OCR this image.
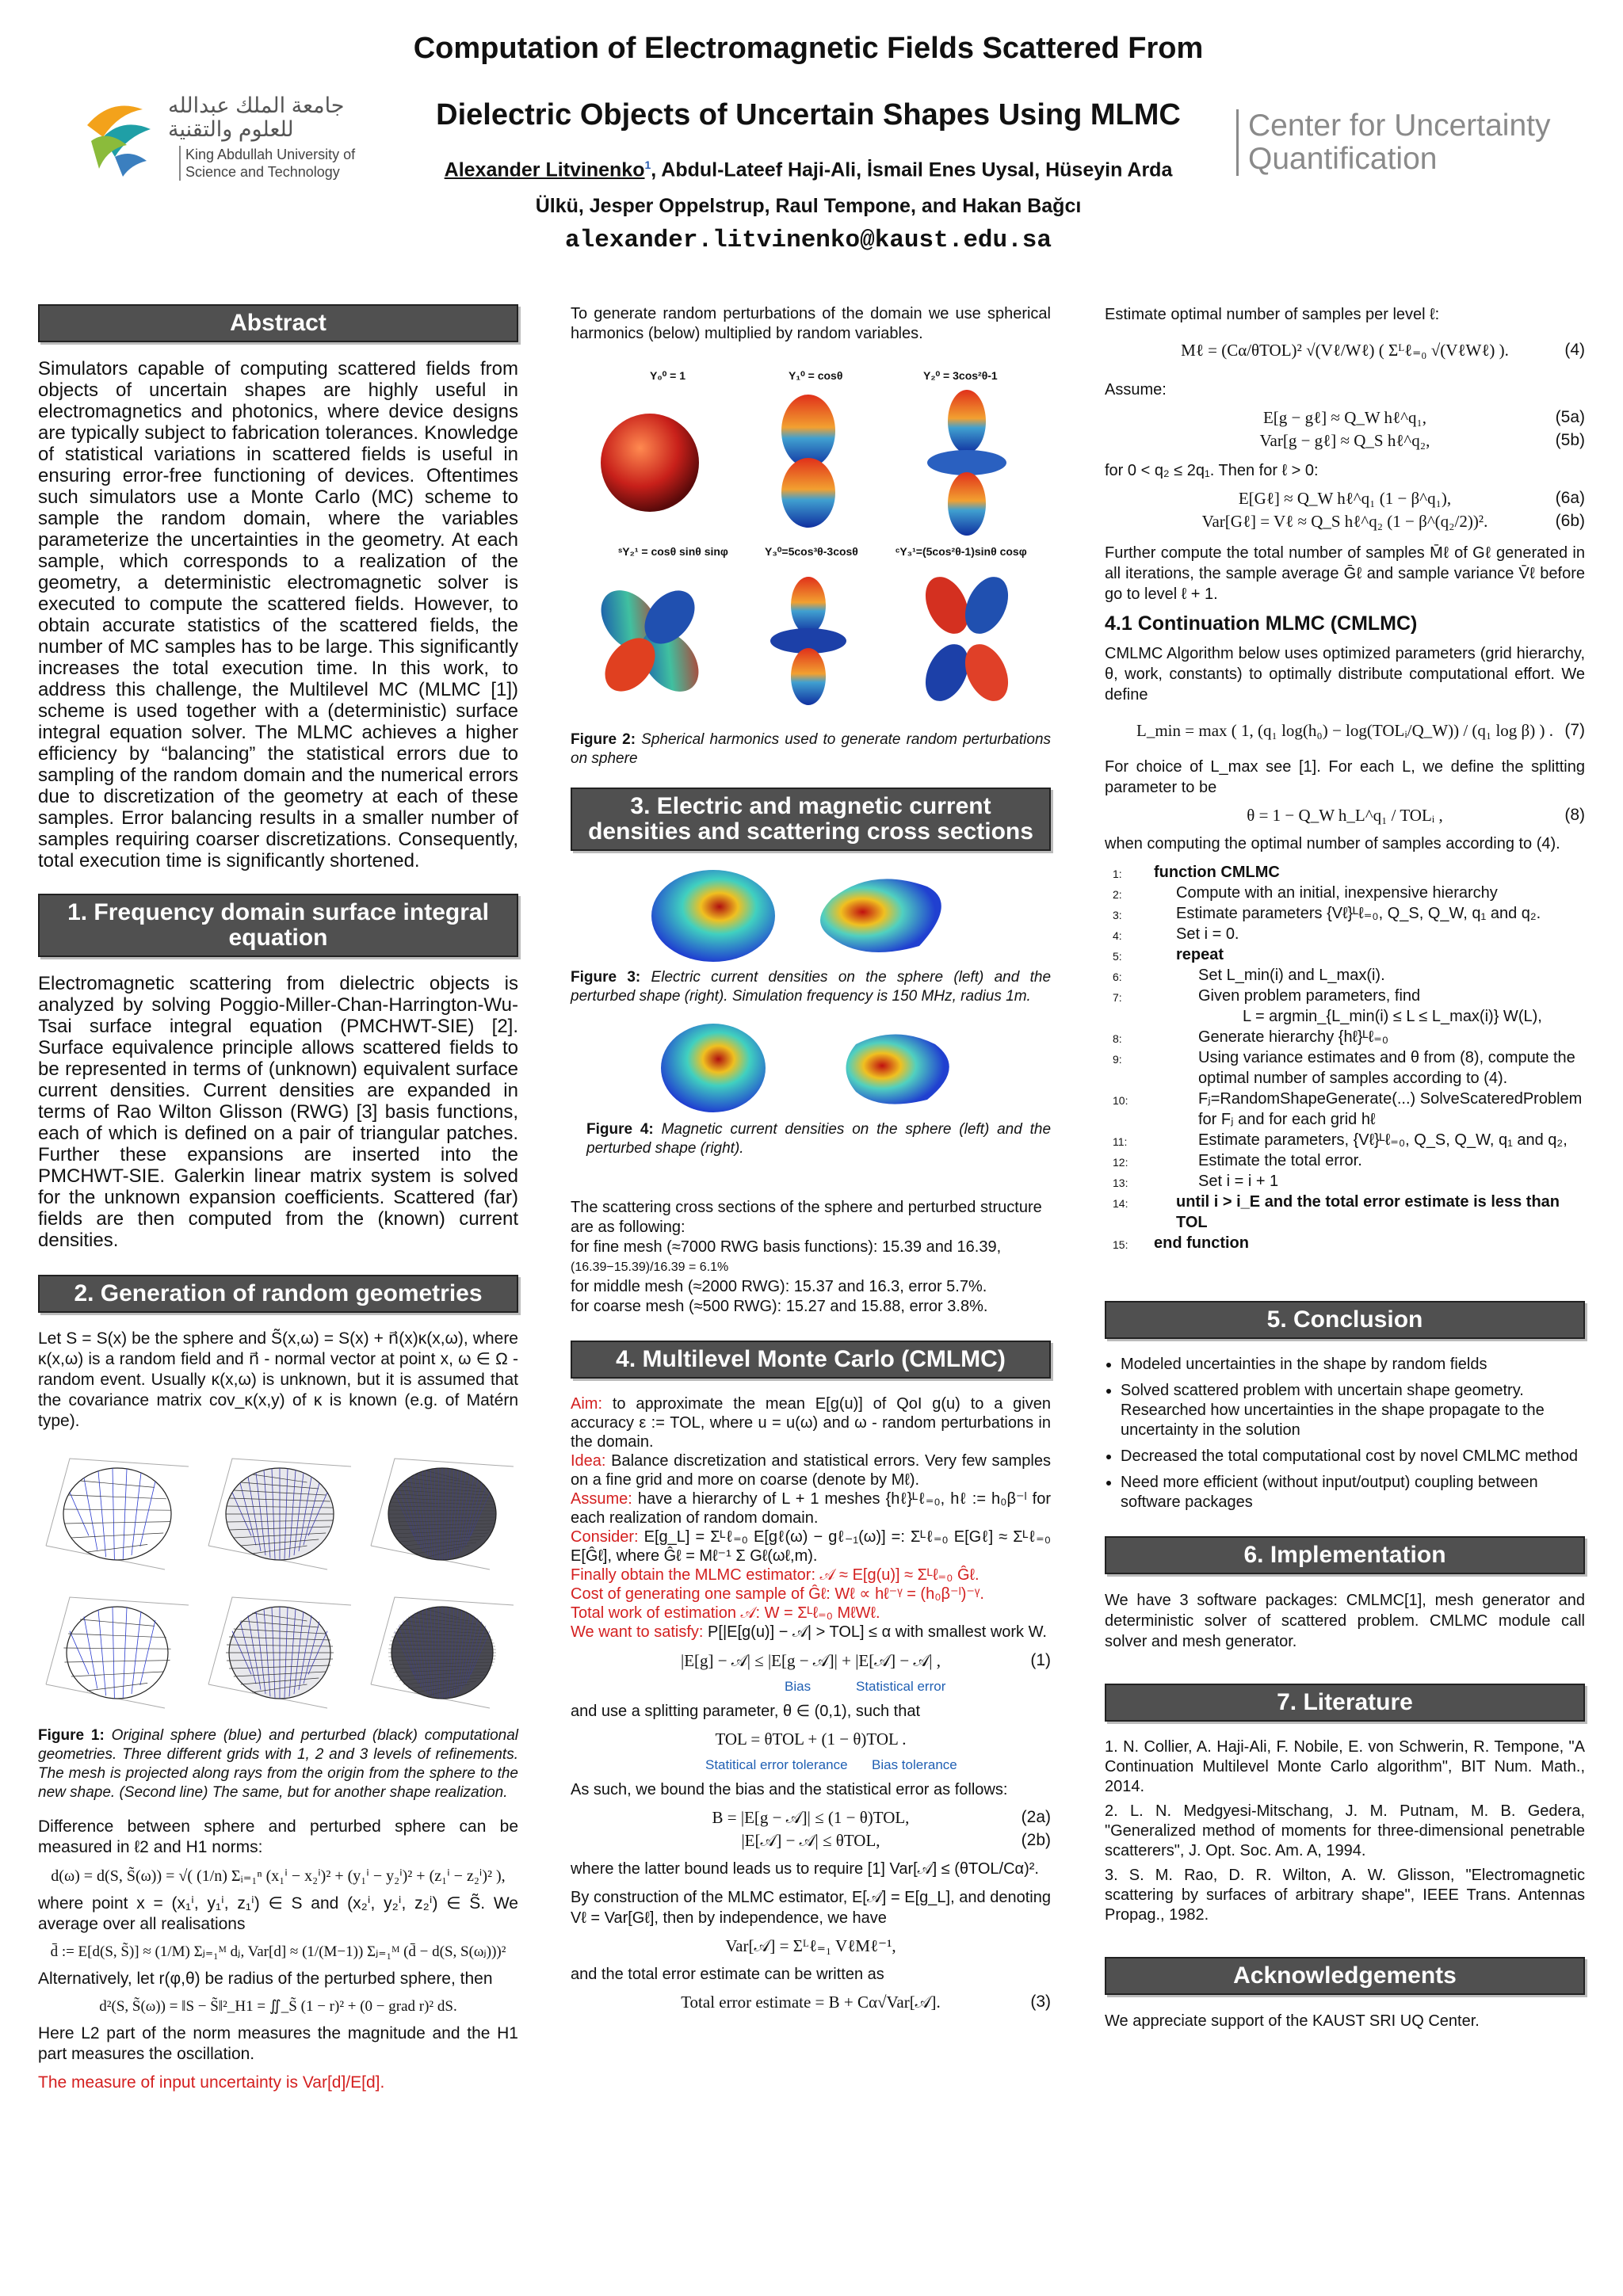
جامعة الملك عبدالله للعلوم والتقنية
King Abdullah University of
Science and Technology
Computation of Electromagnetic Fields Scattered From
Dielectric Objects of Uncertain Shapes Using MLMC
Alexander Litvinenko$^1$, Abdul-Lateef Haji-Ali, İsmail Enes Uysal, Hüseyin Arda
Ülkü, Jesper Oppelstrup, Raul Tempone, and Hakan Bağcı
alexander.litvinenko@kaust.edu.sa
Center for Uncertainty
Quantification
Abstract

Simulators capable of computing scattered fields from objects of uncertain shapes are highly useful in electromagnetics and photonics, where device designs are typically subject to fabrication tolerances. Knowledge of statistical variations in scattered fields is useful in ensuring error-free functioning of devices. Oftentimes such simulators use a Monte Carlo (MC) scheme to sample the random domain, where the variables parameterize the uncertainties in the geometry. At each sample, which corresponds to a realization of the geometry, a deterministic electromagnetic solver is executed to compute the scattered fields. However, to obtain accurate statistics of the scattered fields, the number of MC samples has to be large. This significantly increases the total execution time. In this work, to address this challenge, the Multilevel MC (MLMC [1]) scheme is used together with a (deterministic) surface integral equation solver. The MLMC achieves a higher efficiency by “balancing” the statistical errors due to sampling of the random domain and the numerical errors due to discretization of the geometry at each of these samples. Error balancing results in a smaller number of samples requiring coarser discretizations. Consequently, total execution time is significantly shortened.

1. Frequency domain surface integral equation

Electromagnetic scattering from dielectric objects is analyzed by solving Poggio-Miller-Chan-Harrington-Wu-Tsai surface integral equation (PMCHWT-SIE) [2]. Surface equivalence principle allows scattered fields to be represented in terms of (unknown) equivalent surface current densities. Current densities are expanded in terms of Rao Wilton Glisson (RWG) [3] basis functions, each of which is defined on a pair of triangular patches. Further these expansions are inserted into the PMCHWT-SIE. Galerkin linear matrix system is solved for the unknown expansion coefficients. Scattered (far) fields are then computed from the (known) current densities.

2. Generation of random geometries

Let S = S(x) be the sphere and S̃(x,ω) = S(x) + n⃗(x)κ(x,ω), where κ(x,ω) is a random field and n⃗ - normal vector at point x, ω ∈ Ω - random event. Usually κ(x,ω) is unknown, but it is assumed that the covariance matrix cov_κ(x,y) of κ is known (e.g. of Matérn type).

Figure 1: Original sphere (blue) and perturbed (black) computational geometries. Three different grids with 1, 2 and 3 levels of refinements. The mesh is projected along rays from the origin from the sphere to the new shape. (Second line) The same, but for another shape realization.

Difference between sphere and perturbed sphere can be measured in ℓ2 and H1 norms:

d(ω) = d(S, S̃(ω)) = √( (1/n) Σᵢ₌₁ⁿ (x₁ⁱ − x₂ⁱ)² + (y₁ⁱ − y₂ⁱ)² + (z₁ⁱ − z₂ⁱ)² ),

where point x = (x₁ⁱ, y₁ⁱ, z₁ⁱ) ∈ S and (x₂ⁱ, y₂ⁱ, z₂ⁱ) ∈ S̃. We average over all realisations

d̄ := E[d(S, S̃)] ≈ (1/M) Σⱼ₌₁ᴹ dⱼ, Var[d] ≈ (1/(M−1)) Σⱼ₌₁ᴹ (d̄ − d(S, S(ωⱼ)))²

Alternatively, let r(φ,θ) be radius of the perturbed sphere, then

d²(S, S̃(ω)) = ‖S − S̃‖²_H1 = ∬_S̃ (1 − r)² + (0 − grad r)² dS.

Here L2 part of the norm measures the magnitude and the H1 part measures the oscillation.

The measure of input uncertainty is Var[d]/E[d].

To generate random perturbations of the domain we use spherical harmonics (below) multiplied by random variables.

Y₀⁰ = 1	Y₁⁰ = cosθ	Y₂⁰ = 3cos²θ-1
ˢY₂¹ = cosθ sinθ sinφ	Y₃⁰=5cos³θ-3cosθ	ᶜY₃¹=(5cos²θ-1)sinθ cosφ
Figure 2: Spherical harmonics used to generate random perturbations on sphere
3. Electric and magnetic current densities and scattering cross sections
Figure 3: Electric current densities on the sphere (left) and the perturbed shape (right). Simulation frequency is 150 MHz, radius 1m.
Figure 4: Magnetic current densities on the sphere (left) and the perturbed shape (right).
The scattering cross sections of the sphere and perturbed structure are as following:
for fine mesh (≈7000 RWG basis functions): 15.39 and 16.39,
(16.39−15.39)/16.39 = 6.1%
for middle mesh (≈2000 RWG): 15.37 and 16.3, error 5.7%.
for coarse mesh (≈500 RWG): 15.27 and 15.88, error 3.8%.
4. Multilevel Monte Carlo (CMLMC)
Aim: to approximate the mean E[g(u)] of QoI g(u) to a given accuracy ε := TOL, where u = u(ω) and ω - random perturbations in the domain.
Idea: Balance discretization and statistical errors. Very few samples on a fine grid and more on coarse (denote by Mℓ).
Assume: have a hierarchy of L + 1 meshes {hℓ}ᴸℓ₌₀, hℓ := h₀β⁻ˡ for each realization of random domain.
Consider: E[g_L] = Σᴸℓ₌₀ E[gℓ(ω) − gℓ₋₁(ω)] =: Σᴸℓ₌₀ E[Gℓ] ≈ Σᴸℓ₌₀ E[Ĝℓ], where Ĝℓ = Mℓ⁻¹ Σ Gℓ(ωℓ,m).
Finally obtain the MLMC estimator: 𝒜 ≈ E[g(u)] ≈ Σᴸℓ₌₀ Ĝℓ.
Cost of generating one sample of Ĝℓ: Wℓ ∝ hℓ⁻ᵞ = (h₀β⁻ˡ)⁻ᵞ.
Total work of estimation 𝒜: W = Σᴸℓ₌₀ MℓWℓ.
We want to satisfy: P[|E[g(u)] − 𝒜| > TOL] ≤ α with smallest work W.
|E[g] − 𝒜| ≤ |E[g − 𝒜]| + |E[𝒜] − 𝒜| ,	(1)
Bias	Statistical error

and use a splitting parameter, θ ∈ (0,1), such that

TOL = θTOL + (1 − θ)TOL .
Statitical error tolerance Bias tolerance

As such, we bound the bias and the statistical error as follows:

B = |E[g − 𝒜]| ≤ (1 − θ)TOL,	(2a)
|E[𝒜] − 𝒜| ≤ θTOL,	(2b)

where the latter bound leads us to require [1] Var[𝒜] ≤ (θTOL/Cα)².

By construction of the MLMC estimator, E[𝒜] = E[g_L], and denoting Vℓ = Var[Gℓ], then by independence, we have

Var[𝒜] = Σᴸℓ₌₁ VℓMℓ⁻¹,

and the total error estimate can be written as

Total error estimate = B + Cα√Var[𝒜].	(3)

Estimate optimal number of samples per level ℓ:

Mℓ = (Cα/θTOL)² √(Vℓ/Wℓ) ( Σᴸℓ₌₀ √(VℓWℓ) ).	(4)

Assume:

E[g − gℓ] ≈ Q_W hℓ^q₁,	(5a)
Var[g − gℓ] ≈ Q_S hℓ^q₂,	(5b)

for 0 < q₂ ≤ 2q₁. Then for ℓ > 0:

E[Gℓ] ≈ Q_W hℓ^q₁ (1 − β^q₁),	(6a)
Var[Gℓ] = Vℓ ≈ Q_S hℓ^q₂ (1 − β^(q₂/2))².	(6b)

Further compute the total number of samples M̄ℓ of Gℓ generated in all iterations, the sample average Ḡℓ and sample variance V̄ℓ before go to level ℓ + 1.

4.1 Continuation MLMC (CMLMC)

CMLMC Algorithm below uses optimized parameters (grid hierarchy, θ, work, constants) to optimally distribute computational effort. We define

L_min = max ( 1, (q₁ log(h₀) − log(TOLᵢ/Q_W)) / (q₁ log β) ) . (7)

For choice of L_max see [1]. For each L, we define the splitting parameter to be

θ = 1 − Q_W h_L^q₁ / TOLᵢ ,	(8)

when computing the optimal number of samples according to (4).

1: function CMLMC
2:	Compute with an initial, inexpensive hierarchy
3:	Estimate parameters {Vℓ}ᴸℓ₌₀, Q_S, Q_W, q₁ and q₂.
4:	Set i = 0.
5:	repeat
6:	Set L_min(i) and L_max(i).
7:	Given problem parameters, find
L = argmin_{L_min(i) ≤ L ≤ L_max(i)} W(L),
8:	Generate hierarchy {hℓ}ᴸℓ₌₀
9:	Using variance estimates and θ from (8), compute the optimal number of samples according to (4).
10:	Fⱼ=RandomShapeGenerate(...) SolveScateredProblem for Fⱼ and for each grid hℓ
11:	Estimate parameters, {Vℓ}ᴸℓ₌₀, Q_S, Q_W, q₁ and q₂,
12:	Estimate the total error.
13:	Set i = i + 1
14:	until i > i_E and the total error estimate is less than TOL
15: end function
5. Conclusion
• Modeled uncertainties in the shape by random fields
• Solved scattered problem with uncertain shape geometry. Researched how uncertainties in the shape propagate to the uncertainty in the solution
• Decreased the total computational cost by novel CMLMC method
• Need more efficient (without input/output) coupling between software packages
6. Implementation

We have 3 software packages: CMLMC[1], mesh generator and deterministic solver of scattered problem. CMLMC module call solver and mesh generator.

7. Literature
1. N. Collier, A. Haji-Ali, F. Nobile, E. von Schwerin, R. Tempone, "A Continuation Multilevel Monte Carlo algorithm", BIT Num. Math., 2014.
2. L. N. Medgyesi-Mitschang, J. M. Putnam, M. B. Gedera, "Generalized method of moments for three-dimensional penetrable scatterers", J. Opt. Soc. Am. A, 1994.
3. S. M. Rao, D. R. Wilton, A. W. Glisson, "Electromagnetic scattering by surfaces of arbitrary shape", IEEE Trans. Antennas Propag., 1982.
Acknowledgements

We appreciate support of the KAUST SRI UQ Center.
